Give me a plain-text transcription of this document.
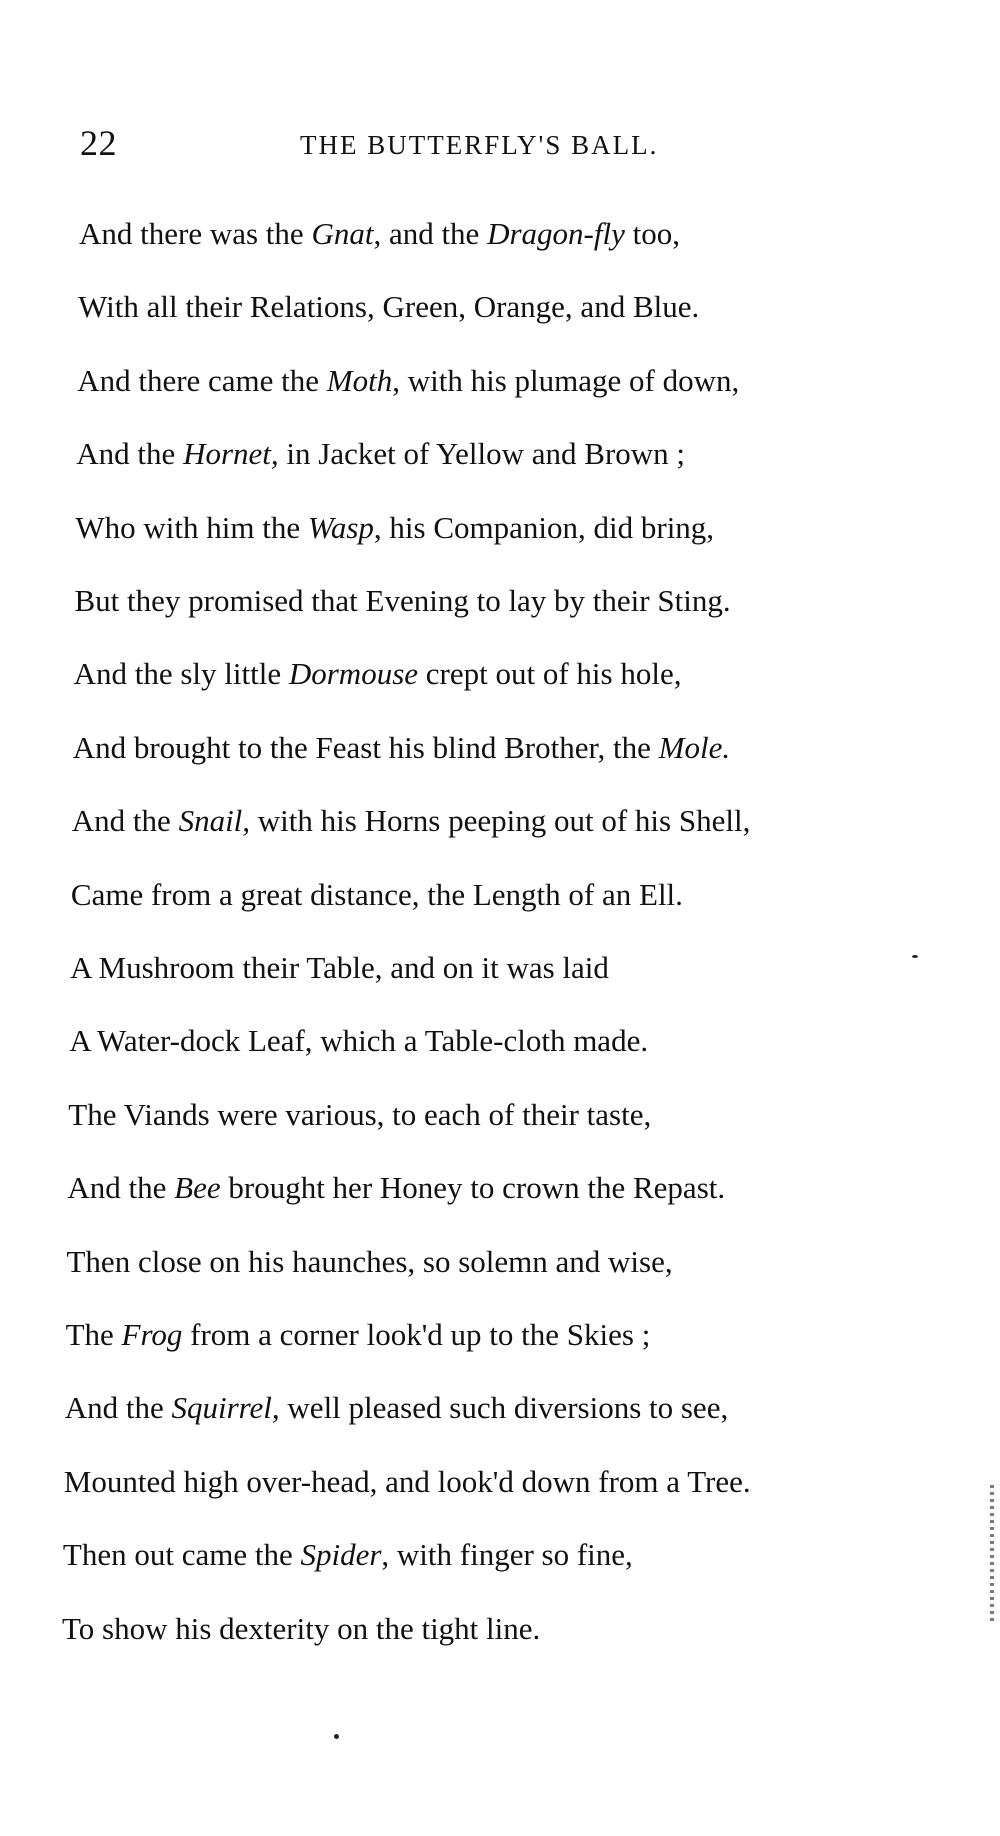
22	THE BUTTERFLY'S BALL.
And there was the Gnat, and the Dragon-fly too,
With all their Relations, Green, Orange, and Blue.
And there came the Moth, with his plumage of down,
And the Hornet, in Jacket of Yellow and Brown ;
Who with him the Wasp, his Companion, did bring,
But they promised that Evening to lay by their Sting.
And the sly little Dormouse crept out of his hole,
And brought to the Feast his blind Brother, the Mole.
And the Snail, with his Horns peeping out of his Shell,
Came from a great distance, the Length of an Ell.
A Mushroom their Table, and on it was laid
A Water-dock Leaf, which a Table-cloth made.
The Viands were various, to each of their taste,
And the Bee brought her Honey to crown the Repast.
Then close on his haunches, so solemn and wise,
The Frog from a corner look'd up to the Skies ;
And the Squirrel, well pleased such diversions to see,
Mounted high over-head, and look'd down from a Tree.
Then out came the Spider, with finger so fine,
To show his dexterity on the tight line.
